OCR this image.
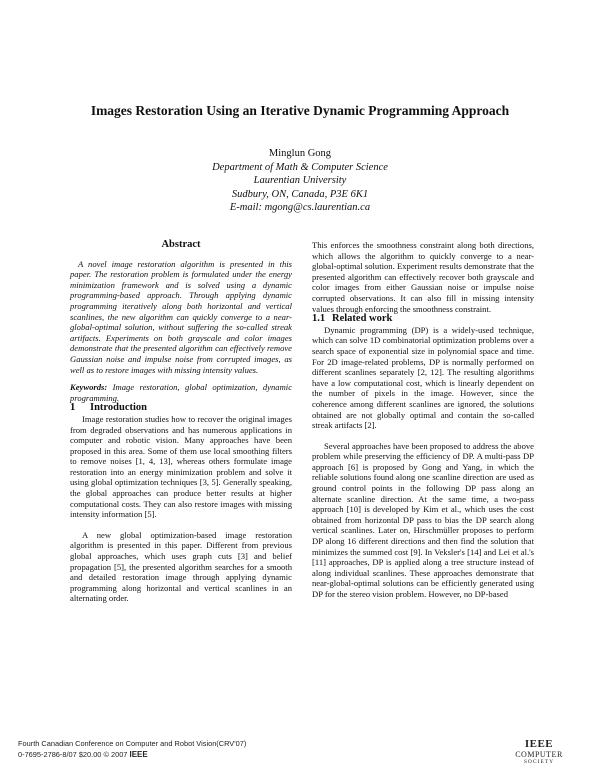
Images Restoration Using an Iterative Dynamic Programming Approach
Minglun Gong
Department of Math & Computer Science
Laurentian University
Sudbury, ON, Canada, P3E 6K1
E-mail: mgong@cs.laurentian.ca
Abstract

A novel image restoration algorithm is presented in this paper. The restoration problem is formulated under the energy minimization framework and is solved using a dynamic programming-based approach. Through applying dynamic programming iteratively along both horizontal and vertical scanlines, the new algorithm can quickly converge to a near-global-optimal solution, without suffering the so-called streak artifacts. Experiments on both grayscale and color images demonstrate that the presented algorithm can effectively remove Gaussian noise and impulse noise from corrupted images, as well as to restore images with missing intensity values.

Keywords: Image restoration, global optimization, dynamic programming.

1 Introduction

Image restoration studies how to recover the original images from degraded observations and has numerous applications in computer and robotic vision. Many approaches have been proposed in this area. Some of them use local smoothing filters to remove noises [1, 4, 13], whereas others formulate image restoration into an energy minimization problem and solve it using global optimization techniques [3, 5]. Generally speaking, the global approaches can produce better results at higher computational costs. They can also restore images with missing intensity information [5].

A new global optimization-based image restoration algorithm is presented in this paper. Different from previous global approaches, which uses graph cuts [3] and belief propagation [5], the presented algorithm searches for a smooth and detailed restoration image through applying dynamic programming along horizontal and vertical scanlines in an alternating order.

This enforces the smoothness constraint along both directions, which allows the algorithm to quickly converge to a near-global-optimal solution. Experiment results demonstrate that the presented algorithm can effectively recover both grayscale and color images from either Gaussian noise or impulse noise corrupted observations. It can also fill in missing intensity values through enforcing the smoothness constraint.

1.1 Related work

Dynamic programming (DP) is a widely-used technique, which can solve 1D combinatorial optimization problems over a search space of exponential size in polynomial space and time. For 2D image-related problems, DP is normally performed on different scanlines separately [2, 12]. The resulting algorithms have a low computational cost, which is linearly dependent on the number of pixels in the image. However, since the coherence among different scanlines are ignored, the solutions obtained are not globally optimal and contain the so-called streak artifacts [2].

Several approaches have been proposed to address the above problem while preserving the efficiency of DP. A multi-pass DP approach [6] is proposed by Gong and Yang, in which the reliable solutions found along one scanline direction are used as ground control points in the following DP pass along an alternate scanline direction. At the same time, a two-pass approach [10] is developed by Kim et al., which uses the cost obtained from horizontal DP pass to bias the DP search along vertical scanlines. Later on, Hirschmüller proposes to perform DP along 16 different directions and then find the solution that minimizes the summed cost [9]. In Veksler's [14] and Lei et al.'s [11] approaches, DP is applied along a tree structure instead of along individual scanlines. These approaches demonstrate that near-global-optimal solutions can be efficiently generated using DP for the stereo vision problem. However, no DP-based

Fourth Canadian Conference on Computer and Robot Vision(CRV'07)
0-7695-2786-8/07 $20.00 © 2007 IEEE
IEEE
COMPUTER
SOCIETY
